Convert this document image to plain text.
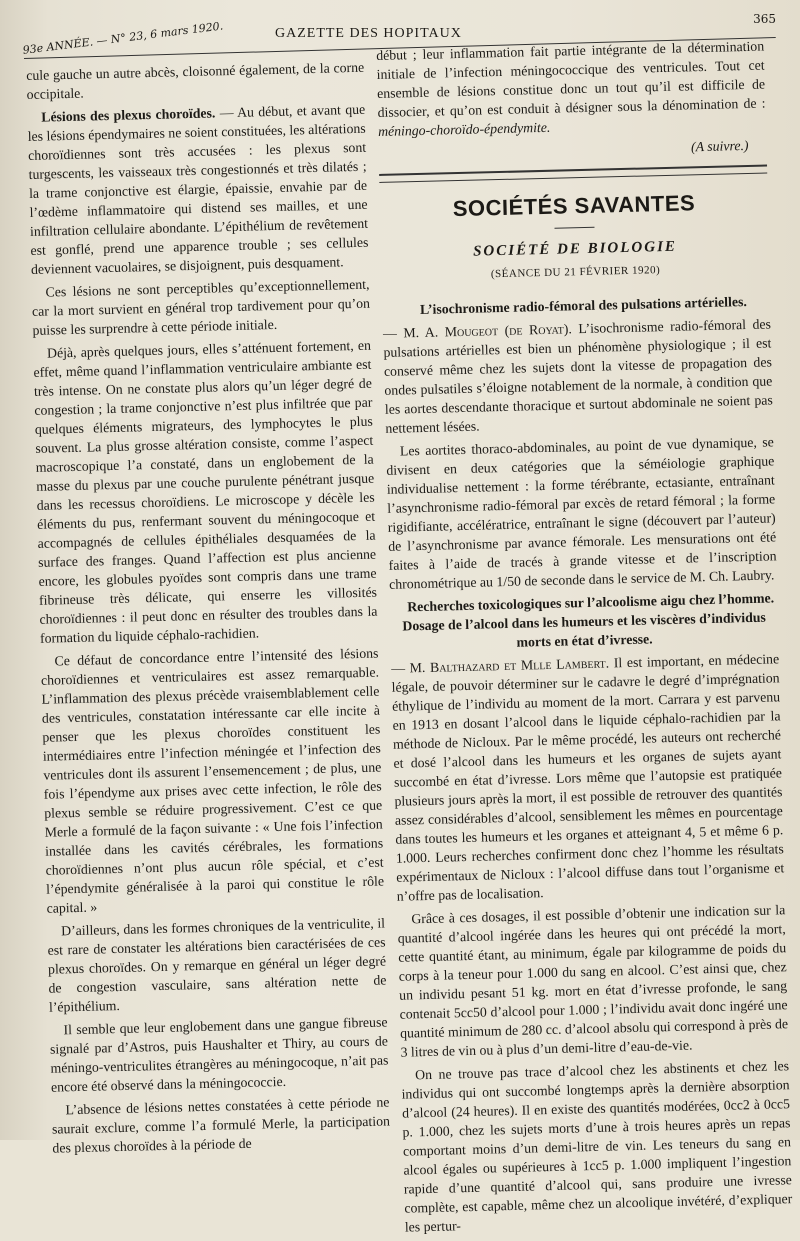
93e ANNÉE. — N° 23, 6 mars 1920.	GAZETTE DES HOPITAUX
365

cule gauche un autre abcès, cloisonné également, de la corne occipitale.

Lésions des plexus choroïdes. — Au début, et avant que les lésions épendymaires ne soient constituées, les altérations choroïdiennes sont très accusées : les plexus sont turgescents, les vaisseaux très congestionnés et très dilatés ; la trame conjonctive est élargie, épaissie, envahie par de l’œdème inflammatoire qui distend ses mailles, et une infiltration cellulaire abondante. L’épithélium de revêtement est gonflé, prend une apparence trouble ; ses cellules deviennent vacuolaires, se disjoignent, puis desquament.

Ces lésions ne sont perceptibles qu’exceptionnellement, car la mort survient en général trop tardivement pour qu’on puisse les surprendre à cette période initiale.

Déjà, après quelques jours, elles s’atténuent fortement, en effet, même quand l’inflammation ventriculaire ambiante est très intense. On ne constate plus alors qu’un léger degré de congestion ; la trame conjonctive n’est plus infiltrée que par quelques éléments migrateurs, des lymphocytes le plus souvent. La plus grosse altération consiste, comme l’aspect macroscopique l’a constaté, dans un englobement de la masse du plexus par une couche purulente pénétrant jusque dans les recessus choroïdiens. Le microscope y décèle les éléments du pus, renfermant souvent du méningocoque et accompagnés de cellules épithéliales desquamées de la surface des franges. Quand l’affection est plus ancienne encore, les globules pyoïdes sont compris dans une trame fibrineuse très délicate, qui enserre les villosités choroïdiennes : il peut donc en résulter des troubles dans la formation du liquide céphalo-rachidien.

Ce défaut de concordance entre l’intensité des lésions choroïdiennes et ventriculaires est assez remarquable. L’inflammation des plexus précède vraisemblablement celle des ventricules, constatation intéressante car elle incite à penser que les plexus choroïdes constituent les intermédiaires entre l’infection méningée et l’infection des ventricules dont ils assurent l’ensemencement ; de plus, une fois l’épendyme aux prises avec cette infection, le rôle des plexus semble se réduire progressivement. C’est ce que Merle a formulé de la façon suivante : « Une fois l’infection installée dans les cavités cérébrales, les formations choroïdiennes n’ont plus aucun rôle spécial, et c’est l’épendymite généralisée à la paroi qui constitue le rôle capital. »

D’ailleurs, dans les formes chroniques de la ventriculite, il est rare de constater les altérations bien caractérisées de ces plexus choroïdes. On y remarque en général un léger degré de congestion vasculaire, sans altération nette de l’épithélium.

Il semble que leur englobement dans une gangue fibreuse signalé par d’Astros, puis Haushalter et Thiry, au cours de méningo-ventriculites étrangères au méningocoque, n’ait pas encore été observé dans la méningococcie.

L’absence de lésions nettes constatées à cette période ne saurait exclure, comme l’a formulé Merle, la participation des plexus choroïdes à la période de

début ; leur inflammation fait partie intégrante de la détermination initiale de l’infection méningococcique des ventricules. Tout cet ensemble de lésions constitue donc un tout qu’il est difficile de dissocier, et qu’on est conduit à désigner sous la dénomination de : méningo-choroïdo-épendymite.

(A suivre.)
SOCIÉTÉS SAVANTES
SOCIÉTÉ DE BIOLOGIE
(SÉANCE DU 21 FÉVRIER 1920)

L’isochronisme radio-fémoral des pulsations artérielles.

— M. A. Mougeot (de Royat). L’isochronisme radio-fémoral des pulsations artérielles est bien un phénomène physiologique ; il est conservé même chez les sujets dont la vitesse de propagation des ondes pulsatiles s’éloigne notablement de la normale, à condition que les aortes descendante thoracique et surtout abdominale ne soient pas nettement lésées.

Les aortites thoraco-abdominales, au point de vue dynamique, se divisent en deux catégories que la séméiologie graphique individualise nettement : la forme térébrante, ectasiante, entraînant l’asynchronisme radio-fémoral par excès de retard fémoral ; la forme rigidifiante, accélératrice, entraînant le signe (découvert par l’auteur) de l’asynchronisme par avance fémorale. Les mensurations ont été faites à l’aide de tracés à grande vitesse et de l’inscription chronométrique au 1/50 de seconde dans le service de M. Ch. Laubry.

Recherches toxicologiques sur l’alcoolisme aigu chez l’homme. Dosage de l’alcool dans les humeurs et les viscères d’individus morts en état d’ivresse.

— M. Balthazard et Mlle Lambert. Il est important, en médecine légale, de pouvoir déterminer sur le cadavre le degré d’imprégnation éthylique de l’individu au moment de la mort. Carrara y est parvenu en 1913 en dosant l’alcool dans le liquide céphalo-rachidien par la méthode de Nicloux. Par le même procédé, les auteurs ont recherché et dosé l’alcool dans les humeurs et les organes de sujets ayant succombé en état d’ivresse. Lors même que l’autopsie est pratiquée plusieurs jours après la mort, il est possible de retrouver des quantités assez considérables d’alcool, sensiblement les mêmes en pourcentage dans toutes les humeurs et les organes et atteignant 4, 5 et même 6 p. 1.000. Leurs recherches confirment donc chez l’homme les résultats expérimentaux de Nicloux : l’alcool diffuse dans tout l’organisme et n’offre pas de localisation.

Grâce à ces dosages, il est possible d’obtenir une indication sur la quantité d’alcool ingérée dans les heures qui ont précédé la mort, cette quantité étant, au minimum, égale par kilogramme de poids du corps à la teneur pour 1.000 du sang en alcool. C’est ainsi que, chez un individu pesant 51 kg. mort en état d’ivresse profonde, le sang contenait 5cc50 d’alcool pour 1.000 ; l’individu avait donc ingéré une quantité minimum de 280 cc. d’alcool absolu qui correspond à près de 3 litres de vin ou à plus d’un demi-litre d’eau-de-vie.

On ne trouve pas trace d’alcool chez les abstinents et chez les individus qui ont succombé longtemps après la dernière absorption d’alcool (24 heures). Il en existe des quantités modérées, 0cc2 à 0cc5 p. 1.000, chez les sujets morts d’une à trois heures après un repas comportant moins d’un demi-litre de vin. Les teneurs du sang en alcool égales ou supérieures à 1cc5 p. 1.000 impliquent l’ingestion rapide d’une quantité d’alcool qui, sans produire une ivresse complète, est capable, même chez un alcoolique invétéré, d’expliquer les pertur-
